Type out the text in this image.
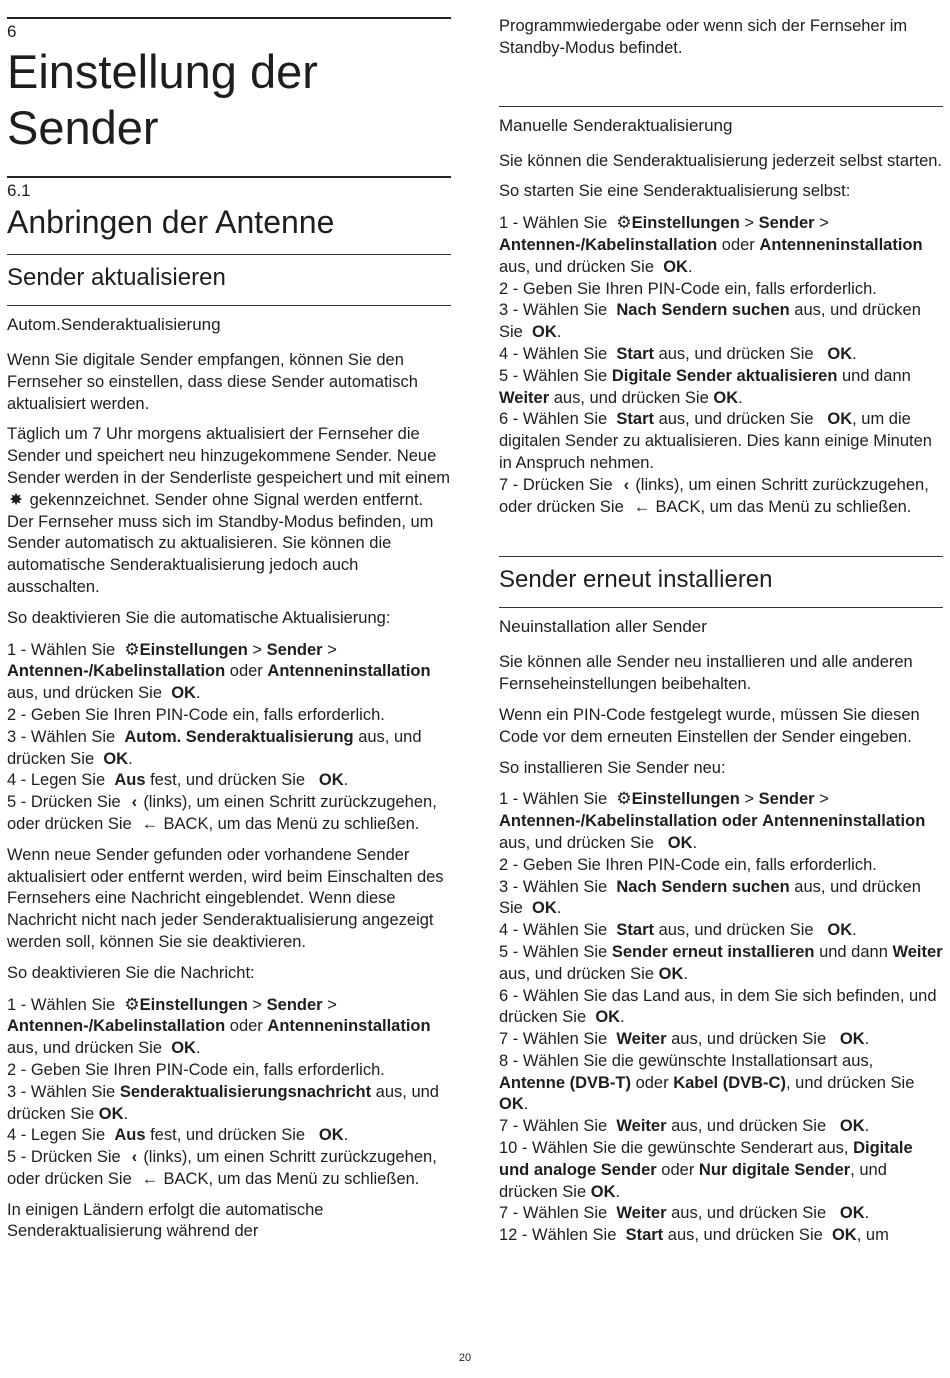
6
Einstellung der Sender
6.1
Anbringen der Antenne
Sender aktualisieren
Autom.Senderaktualisierung

Wenn Sie digitale Sender empfangen, können Sie den Fernseher so einstellen, dass diese Sender automatisch aktualisiert werden.

Täglich um 7 Uhr morgens aktualisiert der Fernseher die Sender und speichert neu hinzugekommene Sender. Neue Sender werden in der Senderliste gespeichert und mit einem ✸ gekennzeichnet. Sender ohne Signal werden entfernt. Der Fernseher muss sich im Standby-Modus befinden, um Sender automatisch zu aktualisieren. Sie können die automatische Senderaktualisierung jedoch auch ausschalten.

So deaktivieren Sie die automatische Aktualisierung:

1 - Wählen Sie ⚙Einstellungen > Sender > Antennen-/Kabelinstallation oder Antenneninstallation aus, und drücken Sie OK.
2 - Geben Sie Ihren PIN-Code ein, falls erforderlich.
3 - Wählen Sie Autom. Senderaktualisierung aus, und drücken Sie OK.
4 - Legen Sie Aus fest, und drücken Sie OK.
5 - Drücken Sie ‹ (links), um einen Schritt zurückzugehen, oder drücken Sie ← BACK, um das Menü zu schließen.

Wenn neue Sender gefunden oder vorhandene Sender aktualisiert oder entfernt werden, wird beim Einschalten des Fernsehers eine Nachricht eingeblendet. Wenn diese Nachricht nicht nach jeder Senderaktualisierung angezeigt werden soll, können Sie sie deaktivieren.

So deaktivieren Sie die Nachricht:

1 - Wählen Sie ⚙Einstellungen > Sender > Antennen-/Kabelinstallation oder Antenneninstallation aus, und drücken Sie OK.
2 - Geben Sie Ihren PIN-Code ein, falls erforderlich.
3 - Wählen Sie Senderaktualisierungsnachricht aus, und drücken Sie OK.
4 - Legen Sie Aus fest, und drücken Sie OK.
5 - Drücken Sie ‹ (links), um einen Schritt zurückzugehen, oder drücken Sie ← BACK, um das Menü zu schließen.

In einigen Ländern erfolgt die automatische Senderaktualisierung während der

Programmwiedergabe oder wenn sich der Fernseher im Standby-Modus befindet.

Manuelle Senderaktualisierung

Sie können die Senderaktualisierung jederzeit selbst starten.

So starten Sie eine Senderaktualisierung selbst:

1 - Wählen Sie ⚙Einstellungen > Sender > Antennen-/Kabelinstallation oder Antenneninstallation aus, und drücken Sie OK.
2 - Geben Sie Ihren PIN-Code ein, falls erforderlich.
3 - Wählen Sie Nach Sendern suchen aus, und drücken Sie OK.
4 - Wählen Sie Start aus, und drücken Sie OK.
5 - Wählen Sie Digitale Sender aktualisieren und dann Weiter aus, und drücken Sie OK.
6 - Wählen Sie Start aus, und drücken Sie OK, um die digitalen Sender zu aktualisieren. Dies kann einige Minuten in Anspruch nehmen.
7 - Drücken Sie ‹ (links), um einen Schritt zurückzugehen, oder drücken Sie ← BACK, um das Menü zu schließen.
Sender erneut installieren
Neuinstallation aller Sender

Sie können alle Sender neu installieren und alle anderen Fernseheinstellungen beibehalten.

Wenn ein PIN-Code festgelegt wurde, müssen Sie diesen Code vor dem erneuten Einstellen der Sender eingeben.

So installieren Sie Sender neu:

1 - Wählen Sie ⚙Einstellungen > Sender > Antennen-/Kabelinstallation oder Antenneninstallation aus, und drücken Sie OK.
2 - Geben Sie Ihren PIN-Code ein, falls erforderlich.
3 - Wählen Sie Nach Sendern suchen aus, und drücken Sie OK.
4 - Wählen Sie Start aus, und drücken Sie OK.
5 - Wählen Sie Sender erneut installieren und dann Weiter aus, und drücken Sie OK.
6 - Wählen Sie das Land aus, in dem Sie sich befinden, und drücken Sie OK.
7 - Wählen Sie Weiter aus, und drücken Sie OK.
8 - Wählen Sie die gewünschte Installationsart aus, Antenne (DVB-T) oder Kabel (DVB-C), und drücken Sie OK.
7 - Wählen Sie Weiter aus, und drücken Sie OK.
10 - Wählen Sie die gewünschte Senderart aus, Digitale und analoge Sender oder Nur digitale Sender, und drücken Sie OK.
7 - Wählen Sie Weiter aus, und drücken Sie OK.
12 - Wählen Sie Start aus, und drücken Sie OK, um
20
